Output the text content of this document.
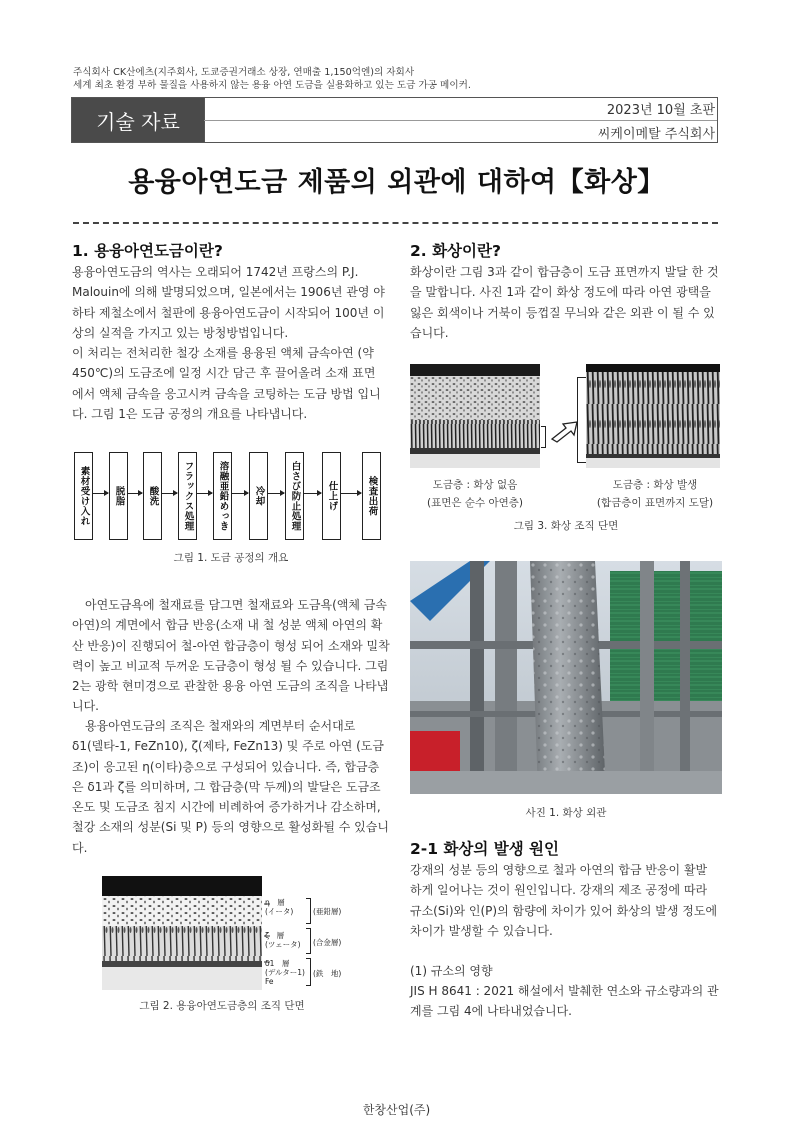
주식회사 CK산에츠(지주회사, 도쿄증권거래소 상장, 연매출 1,150억엔)의 자회사
세계 최초 환경 부하 물질을 사용하지 않는 용융 아연 도금을 실용화하고 있는 도금 가공 메이커.
기술 자료	2023년 10월 초판
씨케이메탈 주식회사
용융아연도금 제품의 외관에 대하여【화상】
1. 용융아연도금이란?
용융아연도금의 역사는 오래되어 1742년 프랑스의 P.J. Malouin에 의해 발명되었으며, 일본에서는 1906년 관영 야하타 제철소에서 철판에 용융아연도금이 시작되어 100년 이상의 실적을 가지고 있는 방청방법입니다.
이 처리는 전처리한 철강 소재를 용융된 액체 금속아연 (약 450℃)의 도금조에 일정 시간 담근 후 끌어올려 소재 표면 에서 액체 금속을 응고시켜 금속을 코팅하는 도금 방법 입니다. 그림 1은 도금 공정의 개요를 나타냅니다.
素材受け入れ	脱脂 酸洗	フラックス処理	溶融亜鉛めっき	冷却	白さび防止処理	仕上げ	検査出荷
그림 1. 도금 공정의 개요
아연도금욕에 철재료를 담그면 철재료와 도금욕(액체 금속 아연)의 계면에서 합금 반응(소재 내 철 성분 액체 아연의 확산 반응)이 진행되어 철-아연 합금층이 형성 되어 소재와 밀착력이 높고 비교적 두꺼운 도금층이 형성 될 수 있습니다. 그림 2는 광학 현미경으로 관찰한 용융 아연 도금의 조직을 나타냅니다.
용융아연도금의 조직은 철재와의 계면부터 순서대로 δ1(델타-1, FeZn10), ζ(제타, FeZn13) 및 주로 아연 (도금조)이 응고된 η(이타)층으로 구성되어 있습니다. 즉, 합금층은 δ1과 ζ를 의미하며, 그 합금층(막 두께)의 발달은 도금조 온도 및 도금조 침지 시간에 비례하여 증가하거나 감소하며, 철강 소재의 성분(Si 및 P) 등의 영향으로 활성화될 수 있습니다.
η　層
(イータ)
ζ　層
(ツェータ)
δ1　層
(デルター1)
Fe
(亜鉛層)
(合金層)
(鉄　地)
그림 2. 용융아연도금층의 조직 단면
2. 화상이란?
화상이란 그림 3과 같이 합금층이 도금 표면까지 발달 한 것을 말합니다. 사진 1과 같이 화상 정도에 따라 아연 광택을 잃은 회색이나 거북이 등껍질 무늬와 같은 외관 이 될 수 있습니다.
도금층 : 화상 없음
(표면은 순수 아연층)
도금층 : 화상 발생
(합금층이 표면까지 도달)
그림 3. 화상 조직 단면
사진 1. 화상 외관
2-1 화상의 발생 원인
강재의 성분 등의 영향으로 철과 아연의 합금 반응이 활발 하게 일어나는 것이 원인입니다. 강재의 제조 공정에 따라 규소(Si)와 인(P)의 함량에 차이가 있어 화상의 발생 정도에 차이가 발생할 수 있습니다.
(1) 규소의 영향
JIS H 8641 : 2021 해설에서 발췌한 연소와 규소량과의 관계를 그림 4에 나타내었습니다.
한창산업(주)
